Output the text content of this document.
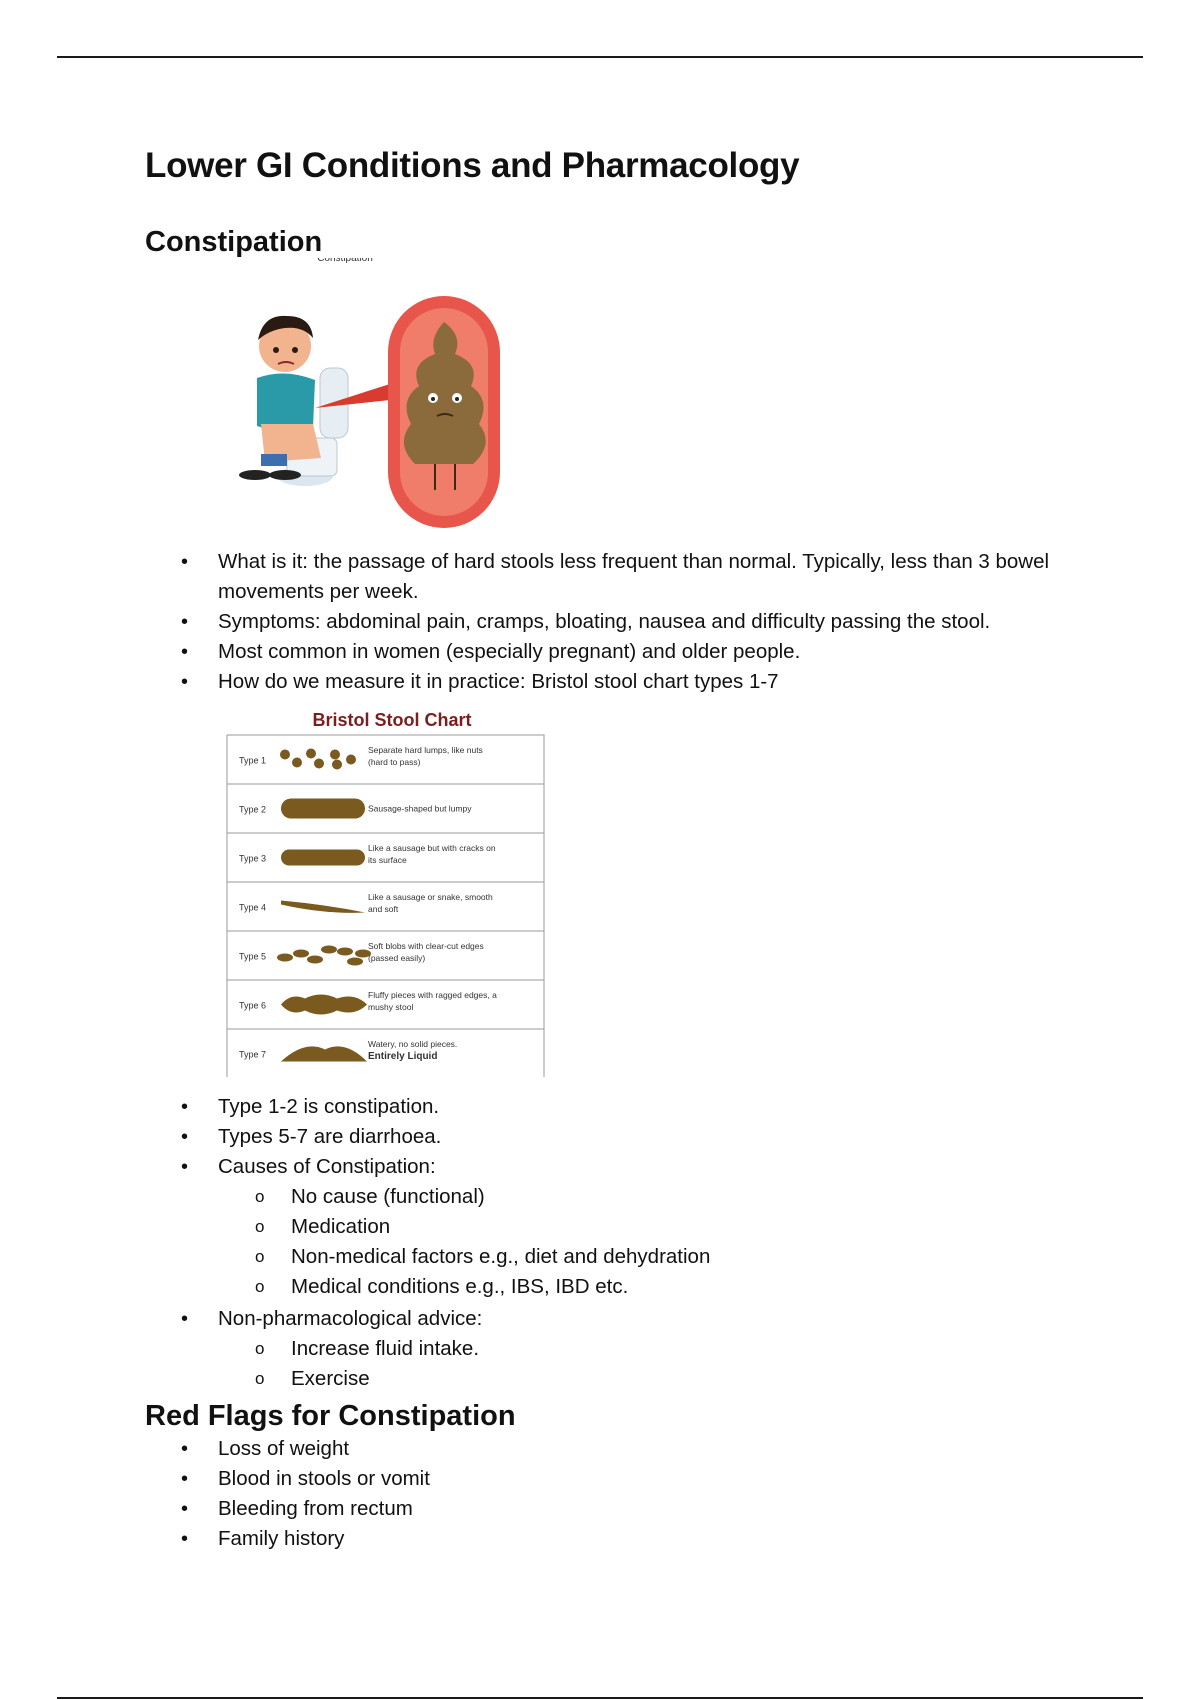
Lower GI Conditions and Pharmacology
Constipation
Constipation
• What is it: the passage of hard stools less frequent than normal. Typically, less than 3 bowel movements per week.
• Symptoms: abdominal pain, cramps, bloating, nausea and difficulty passing the stool.
• Most common in women (especially pregnant) and older people.
• How do we measure it in practice: Bristol stool chart types 1-7
Bristol Stool Chart
Type 1
Separate hard lumps, like nuts
(hard to pass)
Type 2	Sausage-shaped but lumpy
Type 3
Like a sausage but with cracks on
its surface
Type 4
Like a sausage or snake, smooth
and soft
Type 5
Soft blobs with clear-cut edges
(passed easily)
Type 6
Fluffy pieces with ragged edges, a
mushy stool
Type 7
Watery, no solid pieces.
Entirely Liquid
• Type 1-2 is constipation.
• Types 5-7 are diarrhoea.
• Causes of Constipation:
o No cause (functional)
o Medication
o Non-medical factors e.g., diet and dehydration
o Medical conditions e.g., IBS, IBD etc.
• Non-pharmacological advice:
o Increase fluid intake.
o Exercise
Red Flags for Constipation
• Loss of weight
• Blood in stools or vomit
• Bleeding from rectum
• Family history
